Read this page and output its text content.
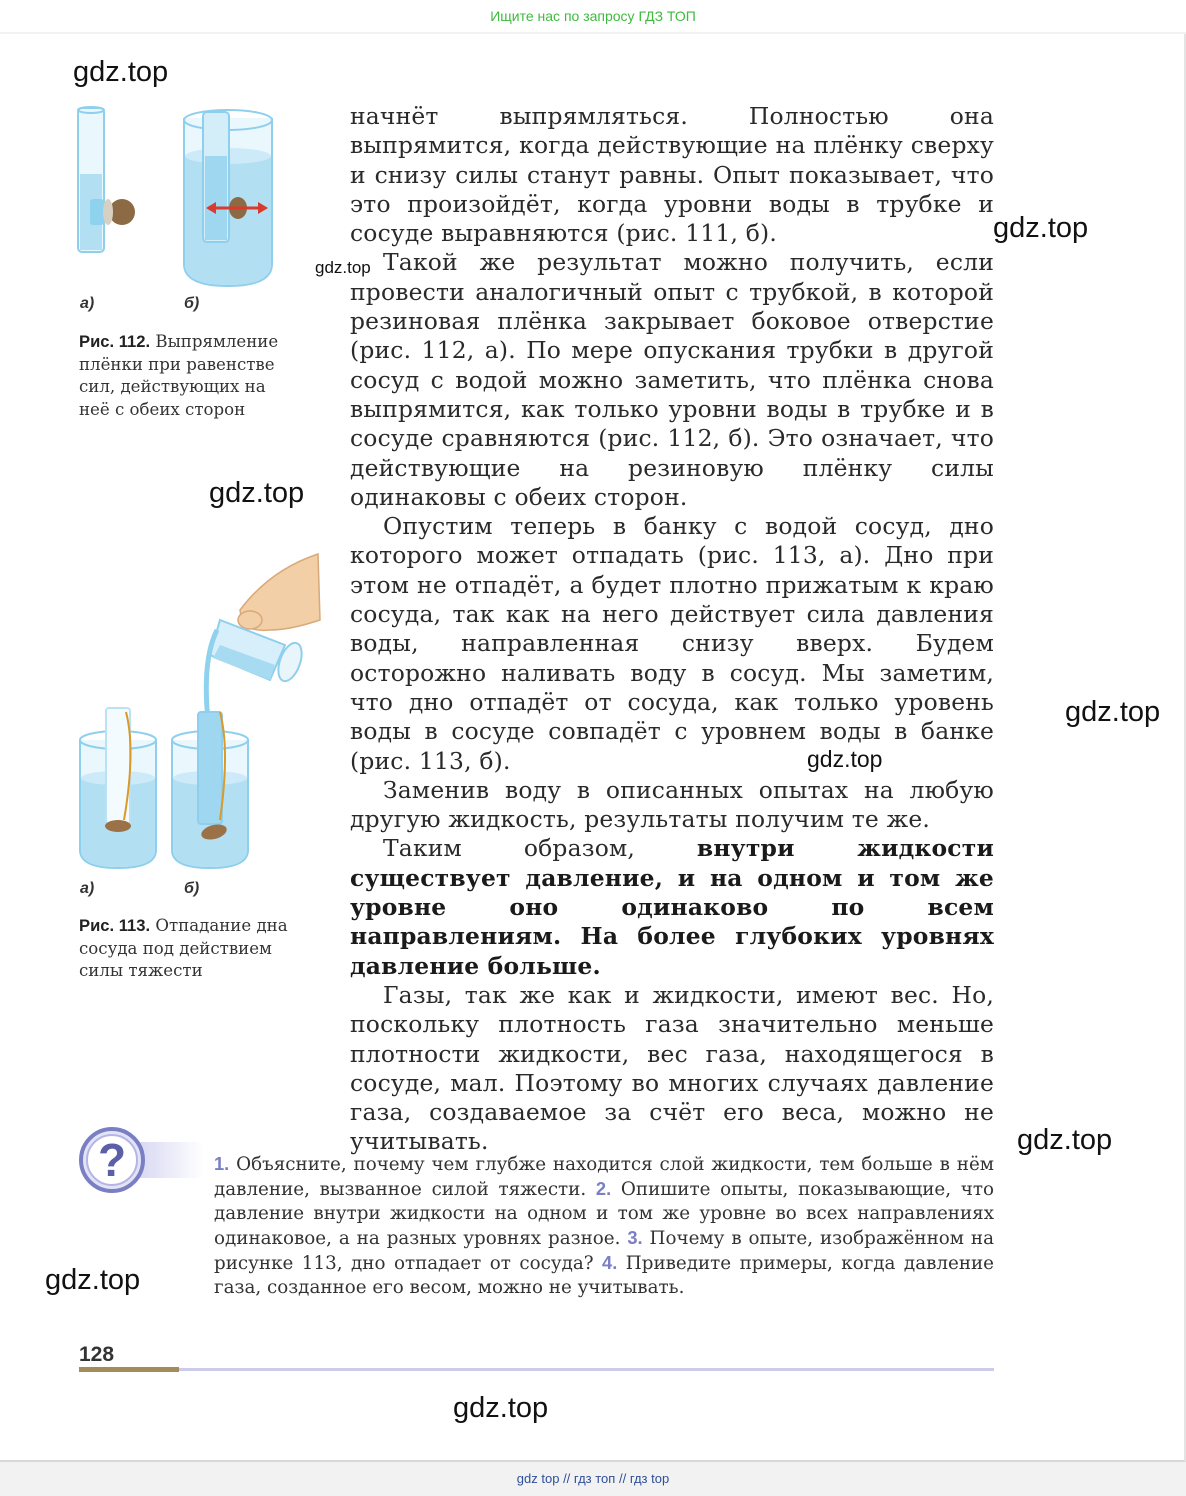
Ищите нас по запросу ГДЗ ТОП
а)	б)
Рис. 112. Выпрямление плёнки при равенстве сил, действующих на неё с обеих сторон
а)	б)
Рис. 113. Отпадание дна сосуда под действием силы тяжести

начнёт выпрямляться. Полностью она выпрямится, когда действующие на плёнку сверху и снизу силы станут равны. Опыт показывает, что это произойдёт, когда уровни воды в трубке и сосуде выравняются (рис. 111, б).

Такой же результат можно получить, если провести аналогичный опыт с трубкой, в которой резиновая плёнка закрывает боковое отверстие (рис. 112, а). По мере опускания трубки в другой сосуд с водой можно заметить, что плёнка снова выпрямится, как только уровни воды в трубке и в сосуде сравняются (рис. 112, б). Это означает, что действующие на резиновую плёнку силы одинаковы с обеих сторон.

Опустим теперь в банку с водой сосуд, дно которого может отпадать (рис. 113, а). Дно при этом не отпадёт, а будет плотно прижатым к краю сосуда, так как на него действует сила давления воды, направленная снизу вверх. Будем осторожно наливать воду в сосуд. Мы заметим, что дно отпадёт от сосуда, как только уровень воды в сосуде совпадёт с уровнем воды в банке (рис. 113, б).

Заменив воду в описанных опытах на любую другую жидкость, результаты получим те же.

Таким образом, внутри жидкости существует давление, и на одном и том же уровне оно одинаково по всем направлениям. На более глубоких уровнях давление больше.

Газы, так же как и жидкости, имеют вес. Но, поскольку плотность газа значительно меньше плотности жидкости, вес газа, находящегося в сосуде, мал. Поэтому во многих случаях давление газа, создаваемое за счёт его веса, можно не учитывать.

?	1. Объясните, почему чем глубже находится слой жидкости, тем больше в нём давление, вызванное силой тяжести. 2. Опишите опыты, показывающие, что давление внутри жидкости на одном и том же уровне во всех направлениях одинаковое, а на разных уровнях разное. 3. Почему в опыте, изображённом на рисунке 113, дно отпадает от сосуда? 4. Приведите примеры, когда давление газа, созданное его весом, можно не учитывать.
128
gdz.top
gdz.top
gdz.top
gdz.top
gdz.top
gdz.top
gdz.top
gdz.top
gdz.top
gdz top // гдз топ // гдз top
